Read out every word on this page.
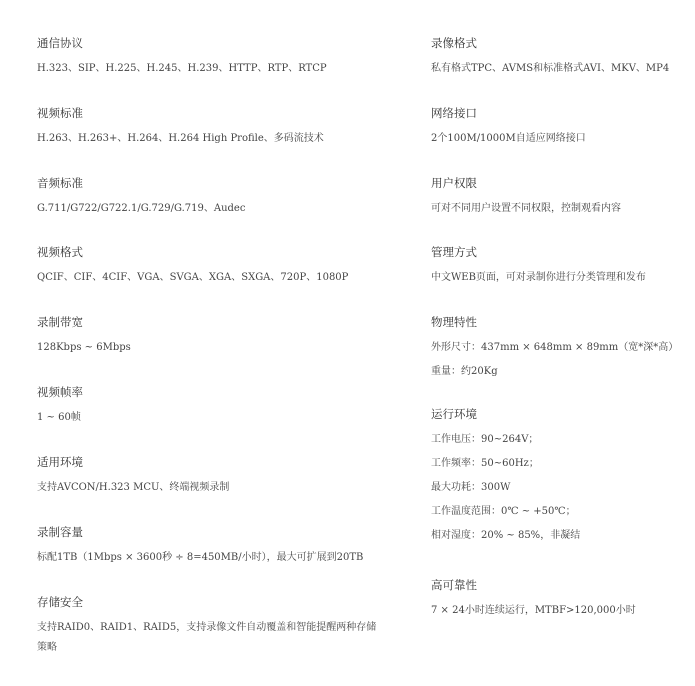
通信协议
H.323、SIP、H.225、H.245、H.239、HTTP、RTP、RTCP
视频标准
H.263、H.263+、H.264、H.264 High Profile、多码流技术
音频标准
G.711/G722/G722.1/G.729/G.719、Audec
视频格式
QCIF、CIF、4CIF、VGA、SVGA、XGA、SXGA、720P、1080P
录制带宽
128Kbps ~ 6Mbps
视频帧率
1 ~ 60帧
适用环境
支持AVCON/H.323 MCU、终端视频录制
录制容量
标配1TB（1Mbps × 3600秒 ÷ 8=450MB/小时），最大可扩展到20TB
存储安全
支持RAID0、RAID1、RAID5，支持录像文件自动覆盖和智能提醒两种存储策略
录像格式
私有格式TPC、AVMS和标准格式AVI、MKV、MP4
网络接口
2个100M/1000M自适应网络接口
用户权限
可对不同用户设置不同权限，控制观看内容
管理方式
中文WEB页面，可对录制你进行分类管理和发布
物理特性
外形尺寸：437mm × 648mm × 89mm（宽*深*高）
重量：约20Kg
运行环境
工作电压：90~264V；
工作频率：50~60Hz；
最大功耗：300W
工作温度范围：0℃ ~ +50℃；
相对湿度：20% ~ 85%，非凝结
高可靠性
7 × 24小时连续运行，MTBF>120,000小时
